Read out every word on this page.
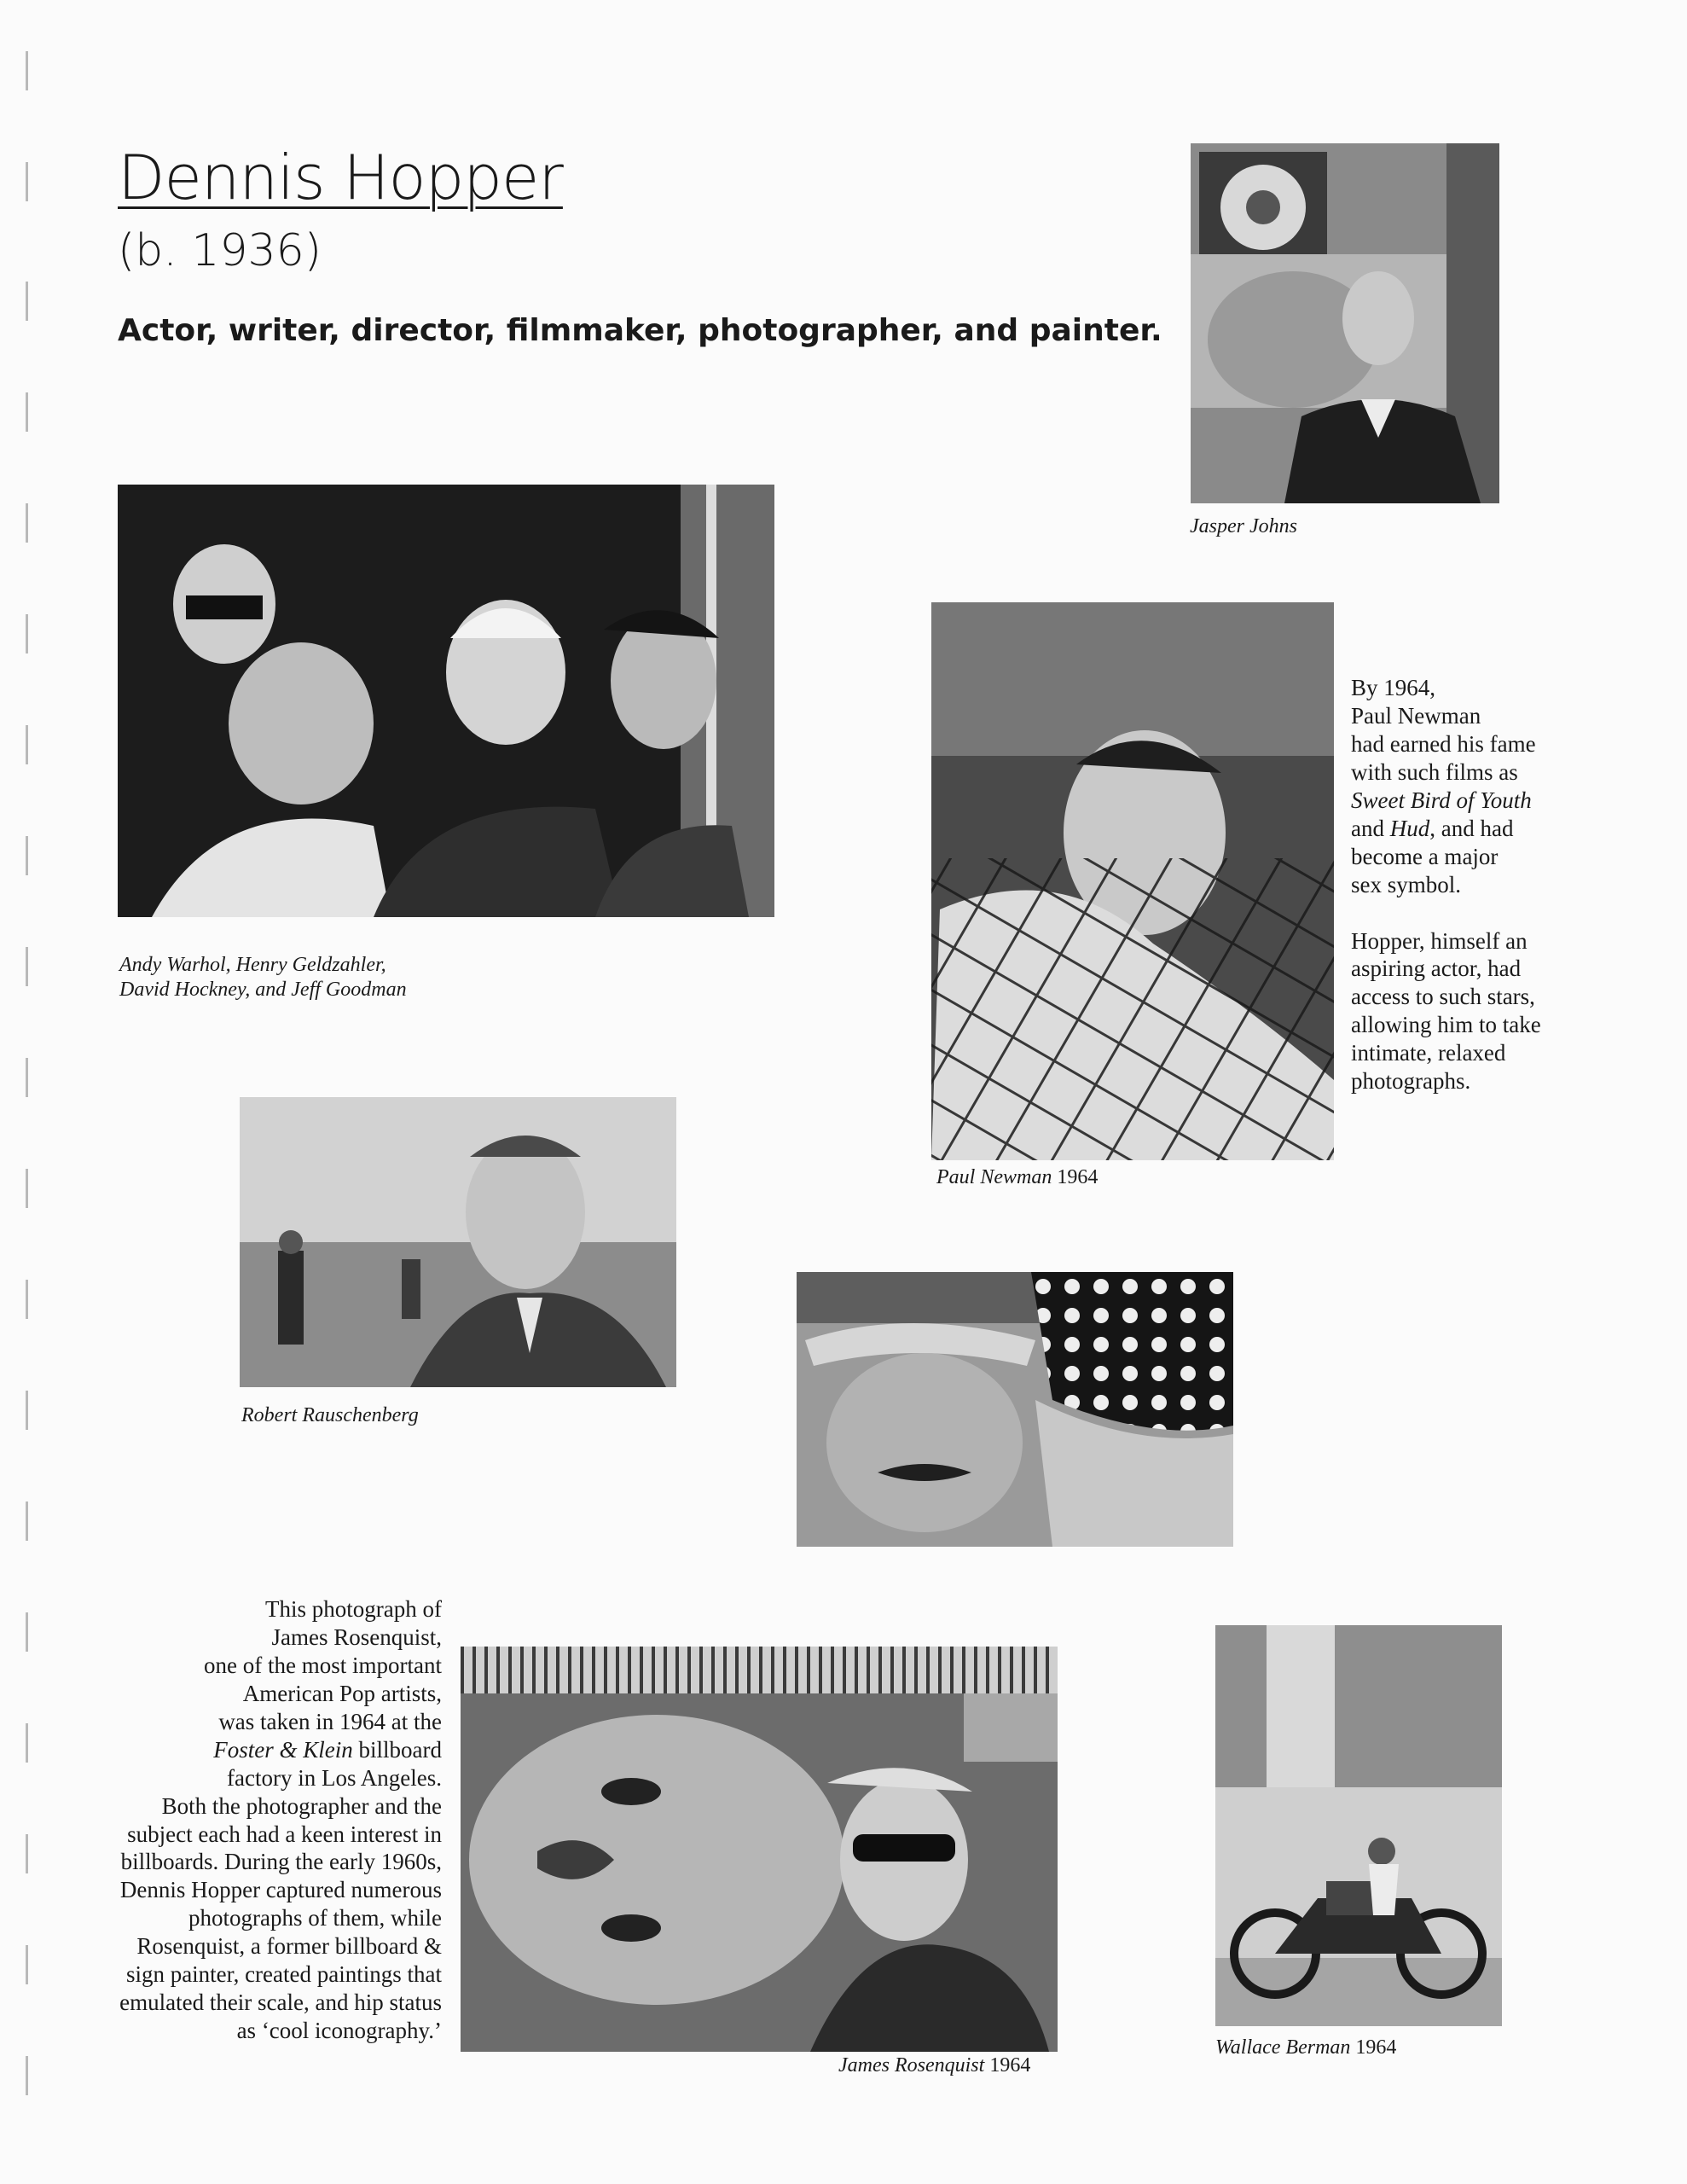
Dennis Hopper
(b. 1936)
Actor, writer, director, filmmaker, photographer, and painter.
Jasper Johns
Andy Warhol, Henry Geldzahler,
David Hockney, and Jeff Goodman
Paul Newman 1964
By 1964,
Paul Newman
had earned his fame
with such films as
Sweet Bird of Youth
and Hud, and had
become a major
sex symbol.
Hopper, himself an
aspiring actor, had
access to such stars,
allowing him to take
intimate, relaxed
photographs.
Robert Rauschenberg
This photograph of
James Rosenquist,
one of the most important
American Pop artists,
was taken in 1964 at the
Foster & Klein billboard
factory in Los Angeles.
Both the photographer and the
subject each had a keen interest in
billboards. During the early 1960s,
Dennis Hopper captured numerous
photographs of them, while
Rosenquist, a former billboard &
sign painter, created paintings that
emulated their scale, and hip status
as ‘cool iconography.’
James Rosenquist 1964
Wallace Berman 1964
